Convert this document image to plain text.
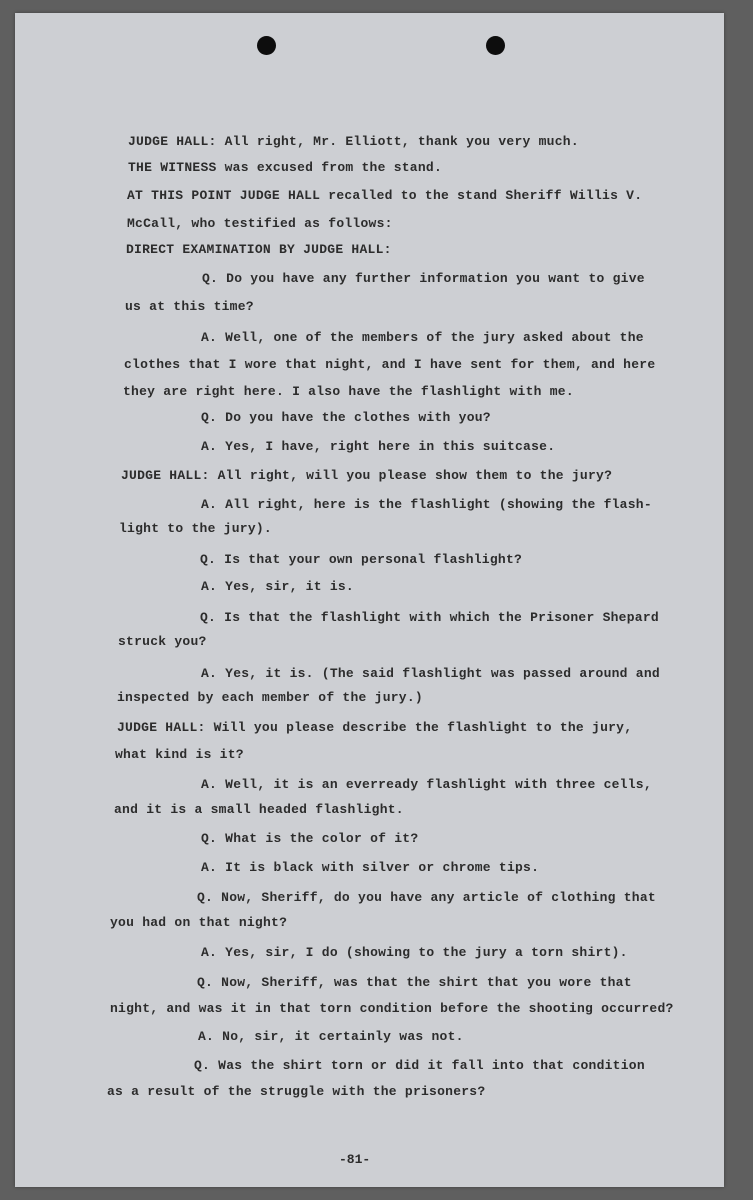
JUDGE HALL: All right, Mr. Elliott, thank you very much.
THE WITNESS was excused from the stand.
AT THIS POINT JUDGE HALL recalled to the stand Sheriff Willis V.
McCall, who testified as follows:
DIRECT EXAMINATION BY JUDGE HALL:
Q. Do you have any further information you want to give
us at this time?
A. Well, one of the members of the jury asked about the
clothes that I wore that night, and I have sent for them, and here
they are right here. I also have the flashlight with me.
Q. Do you have the clothes with you?
A. Yes, I have, right here in this suitcase.
JUDGE HALL: All right, will you please show them to the jury?
A. All right, here is the flashlight (showing the flash-
light to the jury).
Q. Is that your own personal flashlight?
A. Yes, sir, it is.
Q. Is that the flashlight with which the Prisoner Shepard
struck you?
A. Yes, it is. (The said flashlight was passed around and
inspected by each member of the jury.)
JUDGE HALL: Will you please describe the flashlight to the jury,
what kind is it?
A. Well, it is an everready flashlight with three cells,
and it is a small headed flashlight.
Q. What is the color of it?
A. It is black with silver or chrome tips.
Q. Now, Sheriff, do you have any article of clothing that
you had on that night?
A. Yes, sir, I do (showing to the jury a torn shirt).
Q. Now, Sheriff, was that the shirt that you wore that
night, and was it in that torn condition before the shooting occurred?
A. No, sir, it certainly was not.
Q. Was the shirt torn or did it fall into that condition
as a result of the struggle with the prisoners?
-81-
